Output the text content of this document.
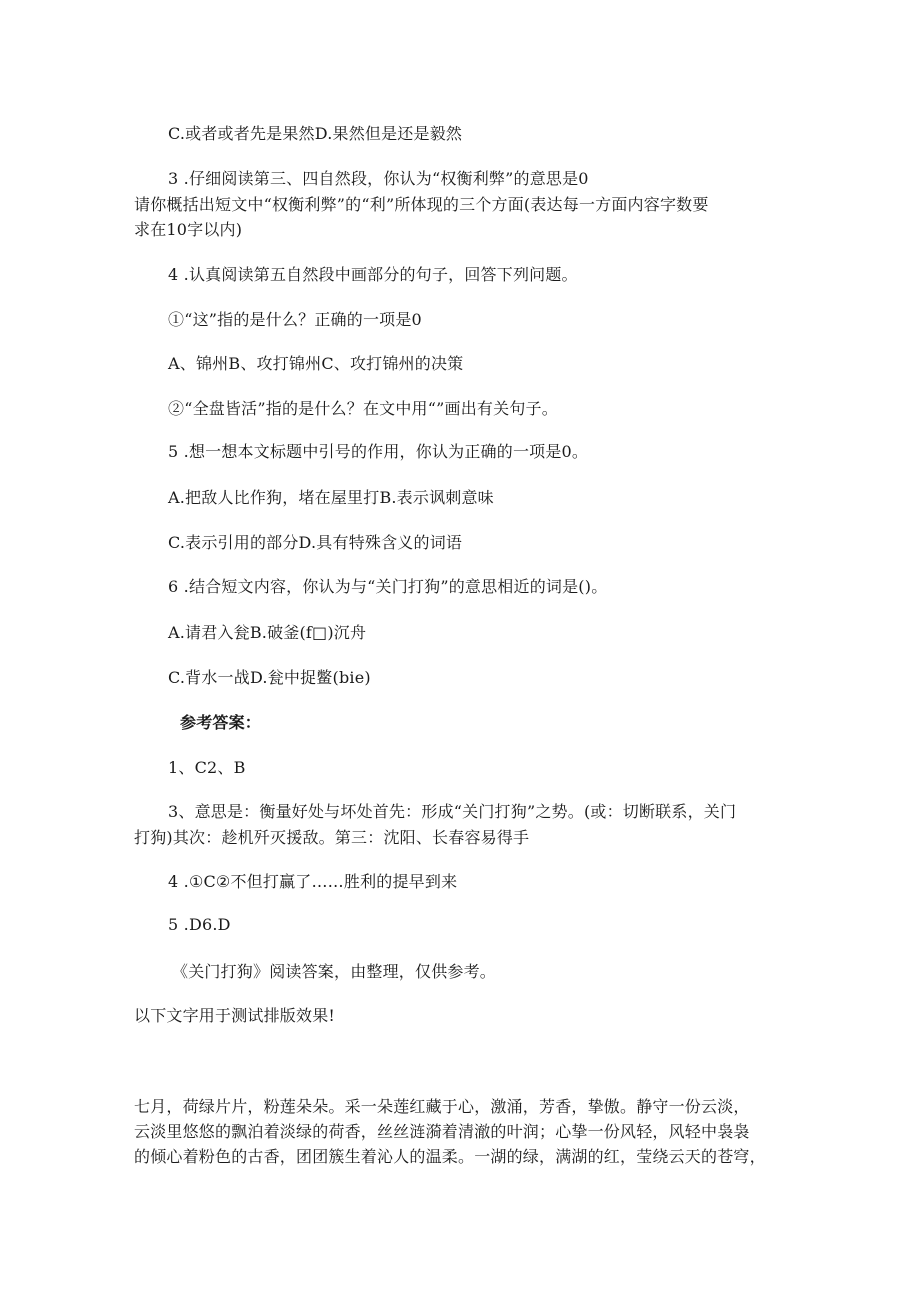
C.或者或者先是果然D.果然但是还是毅然
3 .仔细阅读第三、四自然段，你认为“权衡利弊”的意思是0
请你概括出短文中“权衡利弊”的“利”所体现的三个方面(表达每一方面内容字数要
求在10字以内)
4 .认真阅读第五自然段中画部分的句子，回答下列问题。
①“这”指的是什么？正确的一项是0
A、锦州B、攻打锦州C、攻打锦州的决策
②“全盘皆活”指的是什么？在文中用“”画出有关句子。
5 .想一想本文标题中引号的作用，你认为正确的一项是0。
A.把敌人比作狗，堵在屋里打B.表示讽刺意味
C.表示引用的部分D.具有特殊含义的词语
6 .结合短文内容，你认为与“关门打狗”的意思相近的词是()。
A.请君入瓮B.破釜(f□)沉舟
C.背水一战D.瓮中捉鳖(bie)
参考答案：
1、C2、B
3、意思是：衡量好处与坏处首先：形成“关门打狗”之势。(或：切断联系，关门
打狗)其次：趁机歼灭援敌。第三：沈阳、长春容易得手
4 .①C②不但打赢了……胜利的提早到来
5 .D6.D
《关门打狗》阅读答案，由整理，仅供参考。
以下文字用于测试排版效果!
七月，荷绿片片，粉莲朵朵。采一朵莲红藏于心，激涌，芳香，挚傲。静守一份云淡，
云淡里悠悠的飘泊着淡绿的荷香，丝丝涟漪着清澈的叶润；心挚一份风轻，风轻中袅袅
的倾心着粉色的古香，团团簇生着沁人的温柔。一湖的绿，满湖的红，莹绕云天的苍穹，
